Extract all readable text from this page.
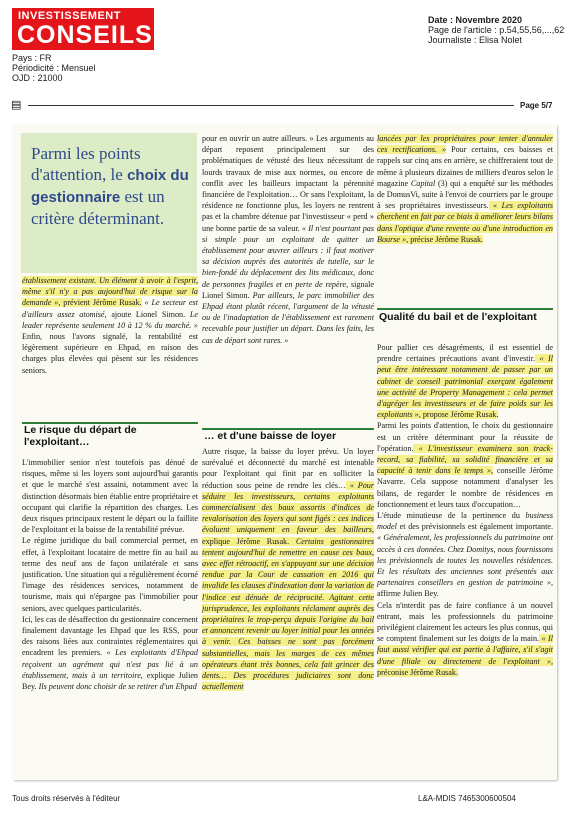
INVESTISSEMENT
CONSEILS
Pays : FR
Périodicité : Mensuel
OJD : 21000
Date : Novembre 2020
Page de l'article : p.54,55,56,...,62
Journaliste : Elisa Nolet
▤	Page 5/7
Parmi les points d'attention, le choix du gestionnaire est un critère déterminant.

établissement existant. Un élément à avoir à l'esprit, même s'il n'y a pas aujourd'hui de risque sur la demande », prévient Jérôme Rusak. « Le secteur est d'ailleurs assez atomisé, ajoute Lionel Simon. Le leader représente seulement 10 à 12 % du marché. » Enfin, nous l'avons signalé, la rentabilité est légèrement supérieure en Ehpad, en raison des charges plus élevées qui pèsent sur les résidences seniors.

Le risque du départ de l'exploitant…

L'immobilier senior n'est toutefois pas dénué de risques, même si les loyers sont aujourd'hui garantis et que le marché s'est assaini, notamment avec la distinction désormais bien établie entre propriétaire et occupant qui clarifie la répartition des charges. Les deux risques principaux restent le départ ou la faillite de l'exploitant et la baisse de la rentabilité prévue.

Le régime juridique du bail commercial permet, en effet, à l'exploitant locataire de mettre fin au bail au terme des neuf ans de façon unilatérale et sans justification. Une situation qui a régulièrement écorné l'image des résidences services, notamment de tourisme, mais qui n'épargne pas l'immobilier pour seniors, avec quelques particularités.

Ici, les cas de désaffection du gestionnaire concernent finalement davantage les Ehpad que les RSS, pour des raisons liées aux contraintes réglementaires qui encadrent les premiers. « Les exploitants d'Ehpad reçoivent un agrément qui n'est pas lié à un établissement, mais à un territoire, explique Julien Bey. Ils peuvent donc choisir de se retirer d'un Ehpad

pour en ouvrir un autre ailleurs. » Les arguments au départ reposent principalement sur des problématiques de vétusté des lieux nécessitant de lourds travaux de mise aux normes, ou encore de conflit avec les bailleurs impactant la pérennité financière de l'exploitation… Or sans l'exploitant, la résidence ne fonctionne plus, les loyers ne rentrent pas et la chambre détenue par l'investisseur « perd » une bonne partie de sa valeur. « Il n'est pourtant pas si simple pour un exploitant de quitter un établissement pour œuvrer ailleurs : il faut motiver sa décision auprès des autorités de tutelle, sur le bien-fondé du déplacement des lits médicaux, donc de personnes fragiles et en perte de repère, signale Lionel Simon. Par ailleurs, le parc immobilier des Ehpad étant plutôt récent, l'argument de la vétusté ou de l'inadaptation de l'établissement est rarement recevable pour justifier un départ. Dans les faits, les cas de départ sont rares. »

… et d'une baisse de loyer

Autre risque, la baisse du loyer prévu. Un loyer surévalué et déconnecté du marché est intenable pour l'exploitant qui finit par en solliciter la réduction sous peine de rendre les clés… « Pour séduire les investisseurs, certains exploitants commercialisent des baux assortis d'indices de revalorisation des loyers qui sont figés : ces indices évoluent uniquement en faveur des bailleurs, explique Jérôme Rusak. Certains gestionnaires tentent aujourd'hui de remettre en cause ces baux, avec effet rétroactif, en s'appuyant sur une décision rendue par la Cour de cassation en 2016 qui invalide les clauses d'indexation dont la variation de l'indice est dénuée de réciprocité. Agitant cette jurisprudence, les exploitants réclament auprès des propriétaires le trop-perçu depuis l'origine du bail et annoncent revenir au loyer initial pour les années à venir. Ces baisses ne sont pas forcément substantielles, mais les marges de ces mêmes opérateurs étant très bonnes, cela fait grincer des dents… Des procédures judiciaires sont donc actuellement

lancées par les propriétaires pour tenter d'annuler ces rectifications. » Pour certains, ces baisses et rappels sur cinq ans en arrière, se chiffreraient tout de même à plusieurs dizaines de milliers d'euros selon le magazine Capital (3) qui a enquêté sur les méthodes de DomusVi, suite à l'envoi de courriers par le groupe à ses propriétaires investisseurs. « Les exploitants cherchent en fait par ce biais à améliorer leurs bilans dans l'optique d'une revente ou d'une introduction en Bourse », précise Jérôme Rusak.

Qualité du bail et de l'exploitant

Pour pallier ces désagréments, il est essentiel de prendre certaines précautions avant d'investir. « Il peut être intéressant notamment de passer par un cabinet de conseil patrimonial exerçant également une activité de Property Management : cela permet d'agréger les investisseurs et de faire poids sur les exploitants », propose Jérôme Rusak.

Parmi les points d'attention, le choix du gestionnaire est un critère déterminant pour la réussite de l'opération. « L'investisseur examinera son track-record, sa fiabilité, sa solidité financière et sa capacité à tenir dans le temps », conseille Jérôme Navarre. Cela suppose notamment d'analyser les bilans, de regarder le nombre de résidences en fonctionnement et leurs taux d'occupation…

L'étude minutieuse de la pertinence du business model et des prévisionnels est également importante. « Généralement, les professionnels du patrimoine ont accès à ces données. Chez Domitys, nous fournissons les prévisionnels de toutes les nouvelles résidences. Et les résultats des anciennes sont présentés aux partenaires conseillers en gestion de patrimoine », affirme Julien Bey.

Cela n'interdit pas de faire confiance à un nouvel entrant, mais les professionnels du patrimoine privilégient clairement les acteurs les plus connus, qui se comptent finalement sur les doigts de la main. « Il faut aussi vérifier qui est partie à l'affaire, s'il s'agit d'une filiale ou directement de l'exploitant », préconise Jérôme Rusak.

Tous droits réservés à l'éditeur	L&A-MDIS 7465300600504
